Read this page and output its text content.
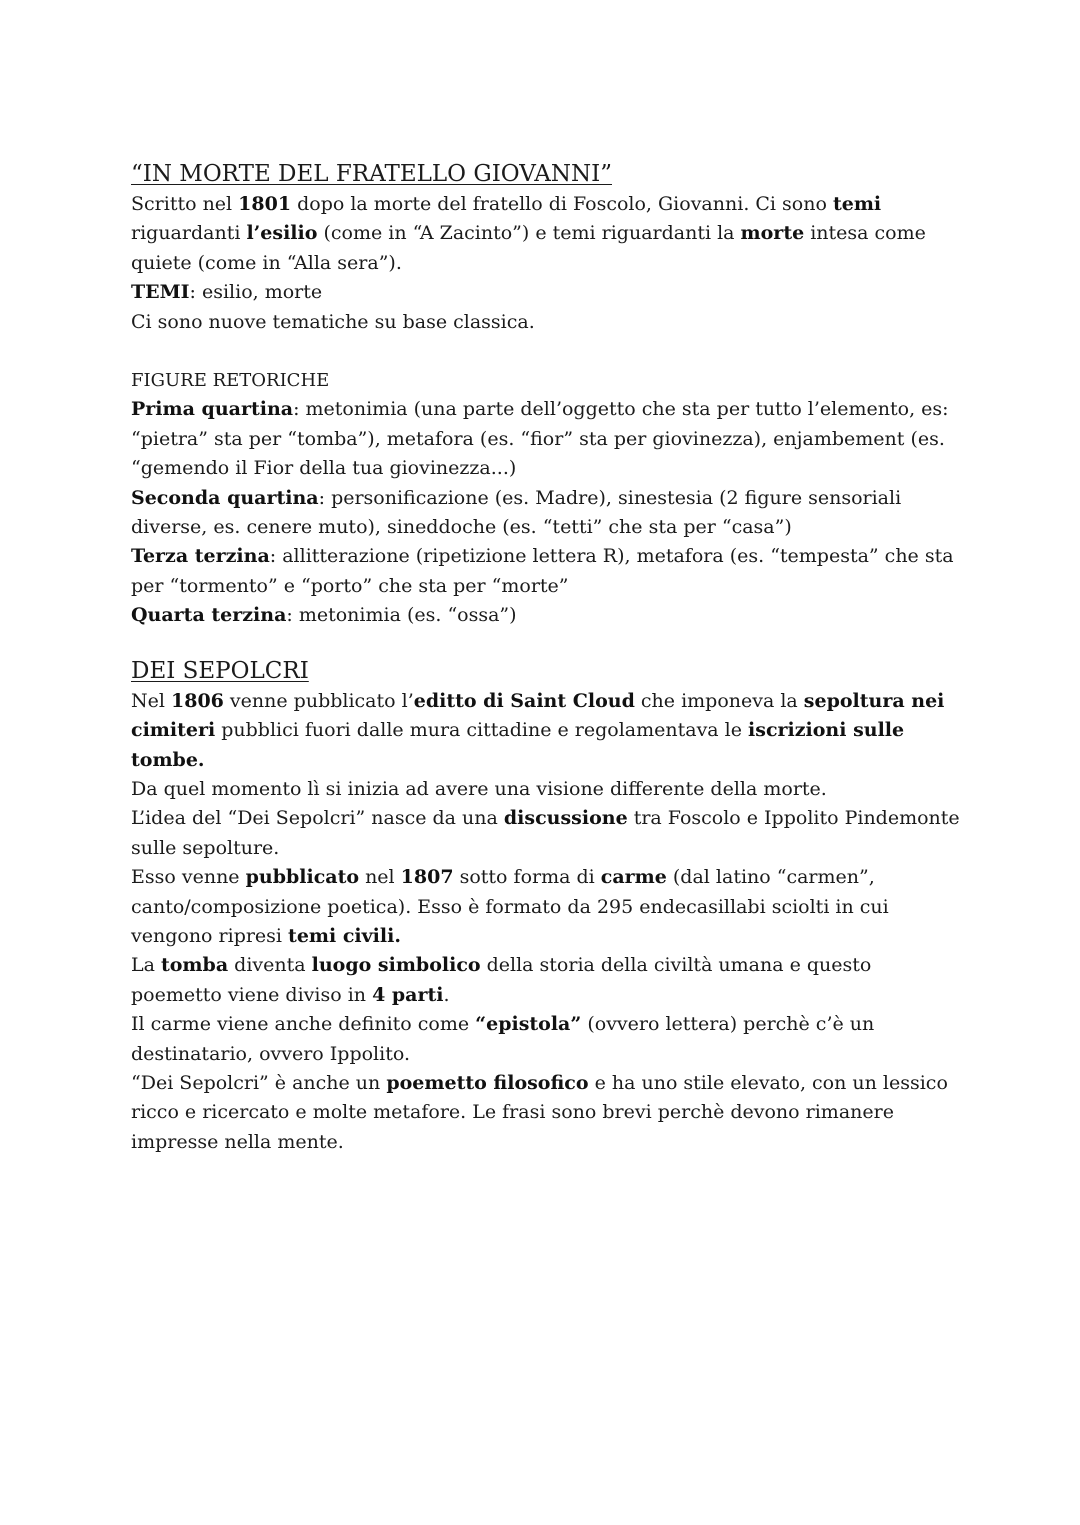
“IN MORTE DEL FRATELLO GIOVANNI”

Scritto nel 1801 dopo la morte del fratello di Foscolo, Giovanni. Ci sono temi riguardanti l’esilio (come in “A Zacinto”) e temi riguardanti la morte intesa come quiete (come in “Alla sera”).

TEMI: esilio, morte

Ci sono nuove tematiche su base classica.

FIGURE RETORICHE

Prima quartina: metonimia (una parte dell’oggetto che sta per tutto l’elemento, es: “pietra” sta per “tomba”), metafora (es. “fior” sta per giovinezza), enjambement (es. “gemendo il Fior della tua giovinezza...)

Seconda quartina: personificazione (es. Madre), sinestesia (2 figure sensoriali diverse, es. cenere muto), sineddoche (es. “tetti” che sta per “casa”)

Terza terzina: allitterazione (ripetizione lettera R), metafora (es. “tempesta” che sta per “tormento” e “porto” che sta per “morte”

Quarta terzina: metonimia (es. “ossa”)

DEI SEPOLCRI

Nel 1806 venne pubblicato l’editto di Saint Cloud che imponeva la sepoltura nei cimiteri pubblici fuori dalle mura cittadine e regolamentava le iscrizioni sulle tombe.

Da quel momento lì si inizia ad avere una visione differente della morte.

L’idea del “Dei Sepolcri” nasce da una discussione tra Foscolo e Ippolito Pindemonte sulle sepolture.

Esso venne pubblicato nel 1807 sotto forma di carme (dal latino “carmen”, canto/composizione poetica). Esso è formato da 295 endecasillabi sciolti in cui vengono ripresi temi civili.

La tomba diventa luogo simbolico della storia della civiltà umana e questo poemetto viene diviso in 4 parti.

Il carme viene anche definito come “epistola” (ovvero lettera) perchè c’è un destinatario, ovvero Ippolito.

“Dei Sepolcri” è anche un poemetto filosofico e ha uno stile elevato, con un lessico ricco e ricercato e molte metafore. Le frasi sono brevi perchè devono rimanere impresse nella mente.
